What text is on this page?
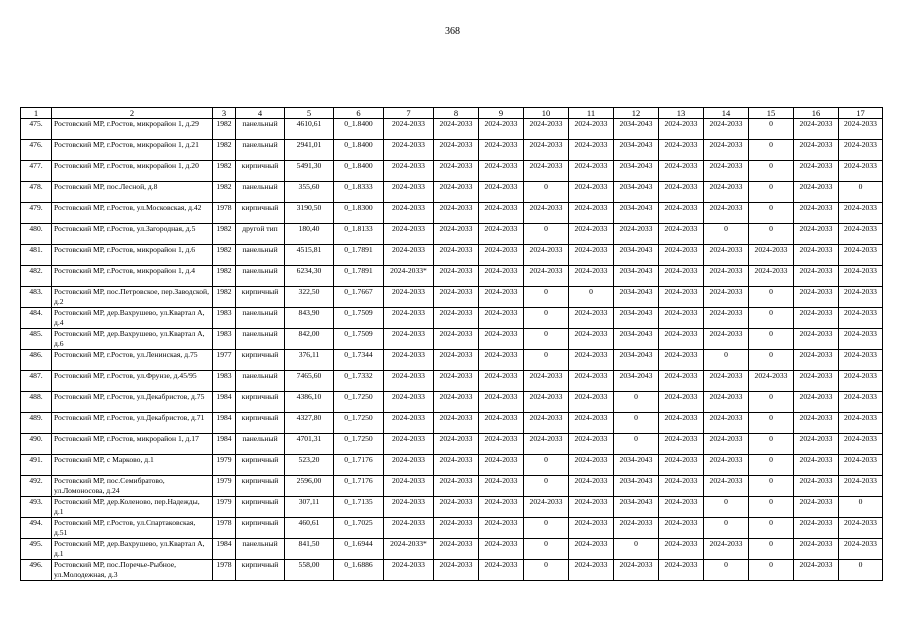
368
1	2	3	4	5	6	7	8	9	10	11	12	13	14	15	16	17
475.	Ростовский МР, г.Ростов, микрорайон 1, д.29	1982	панельный	4610,61	0_1.8400	2024-2033	2024-2033	2024-2033	2024-2033	2024-2033	2034-2043	2024-2033	2024-2033	0	2024-2033	2024-2033
476.	Ростовский МР, г.Ростов, микрорайон 1, д.21	1982	панельный	2941,01	0_1.8400	2024-2033	2024-2033	2024-2033	2024-2033	2024-2033	2034-2043	2024-2033	2024-2033	0	2024-2033	2024-2033
477.	Ростовский МР, г.Ростов, микрорайон 1, д.20	1982	кирпичный	5491,30	0_1.8400	2024-2033	2024-2033	2024-2033	2024-2033	2024-2033	2034-2043	2024-2033	2024-2033	0	2024-2033	2024-2033
478.	Ростовский МР, пос.Лесной, д.8	1982	панельный	355,60	0_1.8333	2024-2033	2024-2033	2024-2033	0	2024-2033	2034-2043	2024-2033	2024-2033	0	2024-2033	0
479.	Ростовский МР, г.Ростов, ул.Московская, д.42	1978	кирпичный	3190,50	0_1.8300	2024-2033	2024-2033	2024-2033	2024-2033	2024-2033	2034-2043	2024-2033	2024-2033	0	2024-2033	2024-2033
480.	Ростовский МР, г.Ростов, ул.Загородная, д.5	1982	другой тип	180,40	0_1.8133	2024-2033	2024-2033	2024-2033	0	2024-2033	2024-2033	2024-2033	0	0	2024-2033	2024-2033
481.	Ростовский МР, г.Ростов, микрорайон 1, д.6	1982	панельный	4515,81	0_1.7891	2024-2033	2024-2033	2024-2033	2024-2033	2024-2033	2034-2043	2024-2033	2024-2033	2024-2033	2024-2033	2024-2033
482.	Ростовский МР, г.Ростов, микрорайон 1, д.4	1982	панельный	6234,30	0_1.7891	2024-2033*	2024-2033	2024-2033	2024-2033	2024-2033	2034-2043	2024-2033	2024-2033	2024-2033	2024-2033	2024-2033
483.	Ростовский МР, пос.Петровское, пер.Заводской, д.2	1982	кирпичный	322,50	0_1.7667	2024-2033	2024-2033	2024-2033	0	0	2034-2043	2024-2033	2024-2033	0	2024-2033	2024-2033
484.	Ростовский МР, дер.Вахрушево, ул.Квартал А, д.4	1983	панельный	843,90	0_1.7509	2024-2033	2024-2033	2024-2033	0	2024-2033	2034-2043	2024-2033	2024-2033	0	2024-2033	2024-2033
485.	Ростовский МР, дер.Вахрушево, ул.Квартал А, д.6	1983	панельный	842,00	0_1.7509	2024-2033	2024-2033	2024-2033	0	2024-2033	2034-2043	2024-2033	2024-2033	0	2024-2033	2024-2033
486.	Ростовский МР, г.Ростов, ул.Ленинская, д.75	1977	кирпичный	376,11	0_1.7344	2024-2033	2024-2033	2024-2033	0	2024-2033	2034-2043	2024-2033	0	0	2024-2033	2024-2033
487.	Ростовский МР, г.Ростов, ул.Фрунзе, д.45/95	1983	панельный	7465,60	0_1.7332	2024-2033	2024-2033	2024-2033	2024-2033	2024-2033	2034-2043	2024-2033	2024-2033	2024-2033	2024-2033	2024-2033
488.	Ростовский МР, г.Ростов, ул.Декабристов, д.75	1984	кирпичный	4386,10	0_1.7250	2024-2033	2024-2033	2024-2033	2024-2033	2024-2033	0	2024-2033	2024-2033	0	2024-2033	2024-2033
489.	Ростовский МР, г.Ростов, ул.Декабристов, д.71	1984	кирпичный	4327,80	0_1.7250	2024-2033	2024-2033	2024-2033	2024-2033	2024-2033	0	2024-2033	2024-2033	0	2024-2033	2024-2033
490.	Ростовский МР, г.Ростов, микрорайон 1, д.17	1984	панельный	4701,31	0_1.7250	2024-2033	2024-2033	2024-2033	2024-2033	2024-2033	0	2024-2033	2024-2033	0	2024-2033	2024-2033
491.	Ростовский МР, с Марково, д.1	1979	кирпичный	523,20	0_1.7176	2024-2033	2024-2033	2024-2033	0	2024-2033	2034-2043	2024-2033	2024-2033	0	2024-2033	2024-2033
492.	Ростовский МР, пос.Семибратово, ул.Ломоносова, д.24	1979	кирпичный	2596,00	0_1.7176	2024-2033	2024-2033	2024-2033	0	2024-2033	2034-2043	2024-2033	2024-2033	0	2024-2033	2024-2033
493.	Ростовский МР, дер.Коленово, пер.Надежды, д.1	1979	кирпичный	307,11	0_1.7135	2024-2033	2024-2033	2024-2033	2024-2033	2024-2033	2034-2043	2024-2033	0	0	2024-2033	0
494.	Ростовский МР, г.Ростов, ул.Спартаковская, д.51	1978	кирпичный	460,61	0_1.7025	2024-2033	2024-2033	2024-2033	0	2024-2033	2024-2033	2024-2033	0	0	2024-2033	2024-2033
495.	Ростовский МР, дер.Вахрушево, ул.Квартал А, д.1	1984	панельный	841,50	0_1.6944	2024-2033*	2024-2033	2024-2033	0	2024-2033	0	2024-2033	2024-2033	0	2024-2033	2024-2033
496.	Ростовский МР, пос.Поречье-Рыбное, ул.Молодежная, д.3	1978	кирпичный	558,00	0_1.6886	2024-2033	2024-2033	2024-2033	0	2024-2033	2024-2033	2024-2033	0	0	2024-2033	0
